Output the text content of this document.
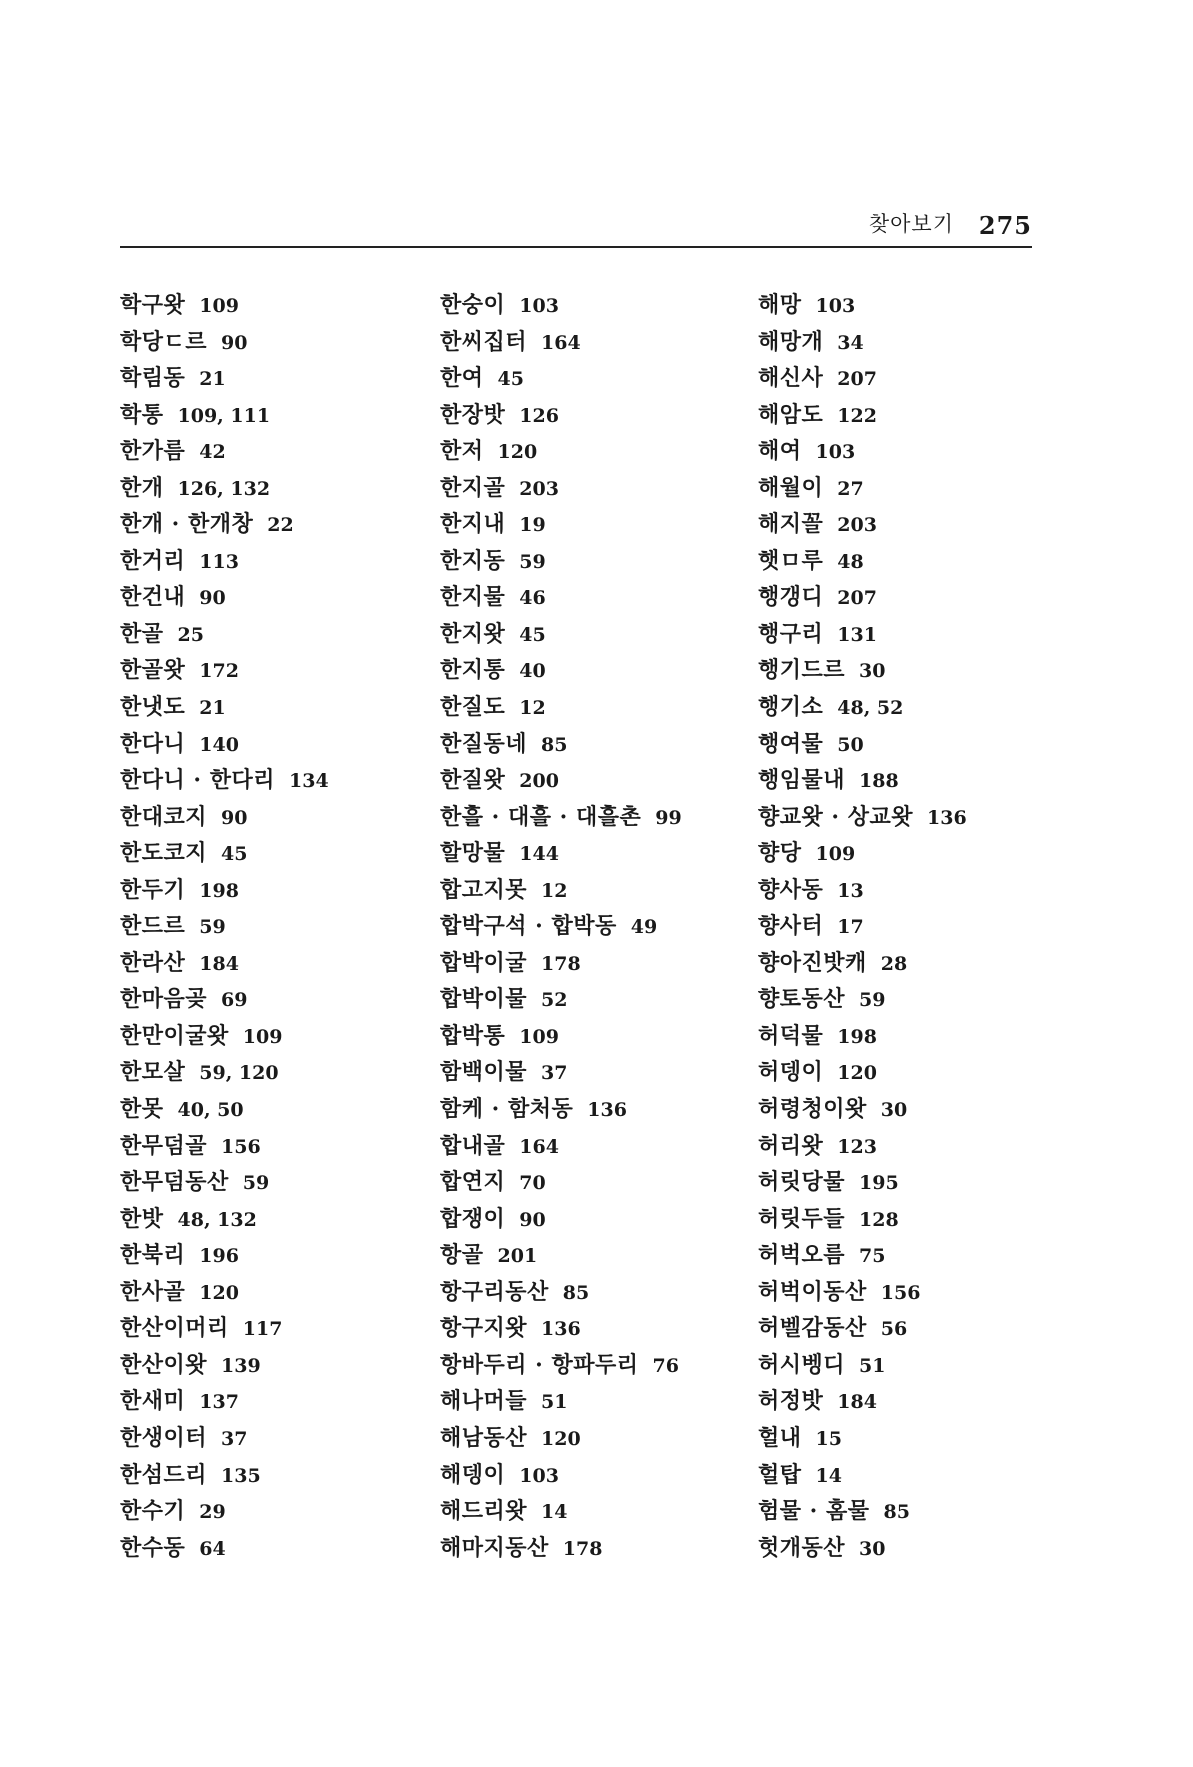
찾아보기 275
학구왓 109
학당ㄷ르 90
학림동 21
학통 109, 111
한가름 42
한개 126, 132
한개 · 한개창 22
한거리 113
한건내 90
한골 25
한골왓 172
한냇도 21
한다니 140
한다니 · 한다리 134
한대코지 90
한도코지 45
한두기 198
한드르 59
한라산 184
한마음곶 69
한만이굴왓 109
한모살 59, 120
한못 40, 50
한무덤골 156
한무덤동산 59
한밧 48, 132
한북리 196
한사골 120
한산이머리 117
한산이왓 139
한새미 137
한생이터 37
한섬드리 135
한수기 29
한수동 64
한숭이 103
한씨집터 164
한여 45
한장밧 126
한저 120
한지골 203
한지내 19
한지동 59
한지물 46
한지왓 45
한지통 40
한질도 12
한질동네 85
한질왓 200
한흘 · 대흘 · 대흘촌 99
할망물 144
합고지못 12
합박구석 · 합박동 49
합박이굴 178
합박이물 52
합박통 109
함백이물 37
함케 · 함처동 136
합내골 164
합연지 70
합쟁이 90
항골 201
항구리동산 85
항구지왓 136
항바두리 · 항파두리 76
해나머들 51
해남동산 120
해뎅이 103
해드리왓 14
해마지동산 178
해망 103
해망개 34
해신사 207
해암도 122
해여 103
해월이 27
해지꼴 203
햇ㅁ루 48
행갱디 207
행구리 131
행기드르 30
행기소 48, 52
행여물 50
행임물내 188
향교왓 · 상교왓 136
향당 109
향사동 13
향사터 17
향아진밧캐 28
향토동산 59
허덕물 198
허뎅이 120
허령청이왓 30
허리왓 123
허릿당물 195
허릿두들 128
허벅오름 75
허벅이동산 156
허벨감동산 56
허시벵디 51
허정밧 184
헐내 15
헐탑 14
험물 · 홈물 85
헛개동산 30
